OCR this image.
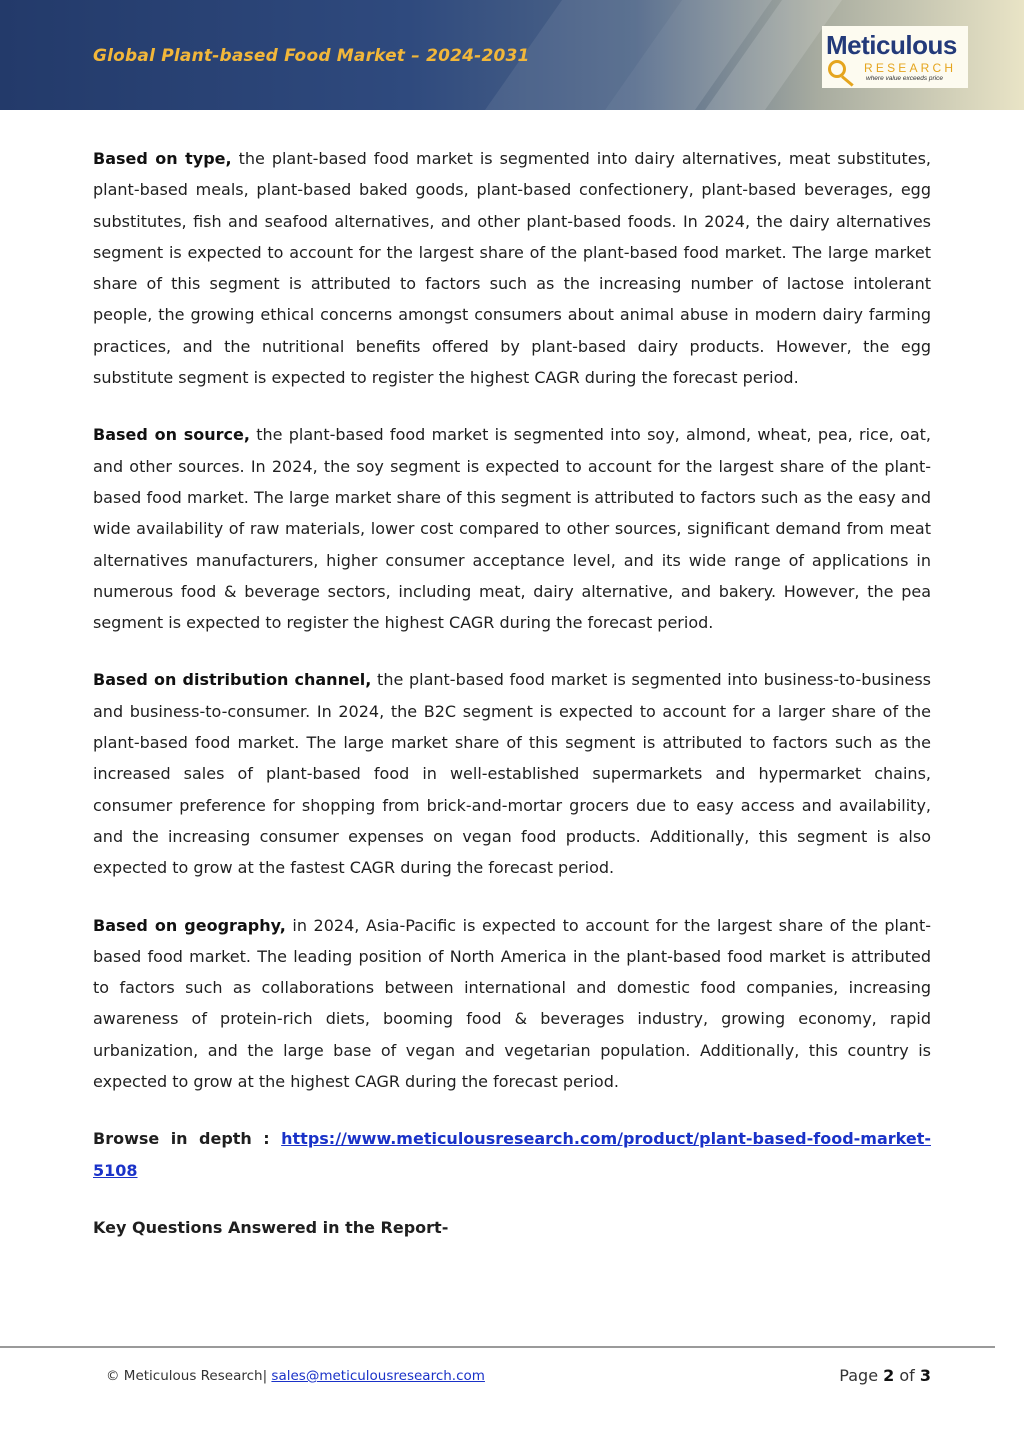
Global Plant-based Food Market – 2024-2031	Meticulous
RESEARCH
where value exceeds price

Based on type, the plant-based food market is segmented into dairy alternatives, meat substitutes, plant-based meals, plant-based baked goods, plant-based confectionery, plant-based beverages, egg substitutes, fish and seafood alternatives, and other plant-based foods. In 2024, the dairy alternatives segment is expected to account for the largest share of the plant-based food market. The large market share of this segment is attributed to factors such as the increasing number of lactose intolerant people, the growing ethical concerns amongst consumers about animal abuse in modern dairy farming practices, and the nutritional benefits offered by plant-based dairy products. However, the egg substitute segment is expected to register the highest CAGR during the forecast period.

Based on source, the plant-based food market is segmented into soy, almond, wheat, pea, rice, oat, and other sources. In 2024, the soy segment is expected to account for the largest share of the plant-based food market. The large market share of this segment is attributed to factors such as the easy and wide availability of raw materials, lower cost compared to other sources, significant demand from meat alternatives manufacturers, higher consumer acceptance level, and its wide range of applications in numerous food & beverage sectors, including meat, dairy alternative, and bakery. However, the pea segment is expected to register the highest CAGR during the forecast period.

Based on distribution channel, the plant-based food market is segmented into business-to-business and business-to-consumer. In 2024, the B2C segment is expected to account for a larger share of the plant-based food market. The large market share of this segment is attributed to factors such as the increased sales of plant-based food in well-established supermarkets and hypermarket chains, consumer preference for shopping from brick-and-mortar grocers due to easy access and availability, and the increasing consumer expenses on vegan food products. Additionally, this segment is also expected to grow at the fastest CAGR during the forecast period.

Based on geography, in 2024, Asia-Pacific is expected to account for the largest share of the plant-based food market. The leading position of North America in the plant-based food market is attributed to factors such as collaborations between international and domestic food companies, increasing awareness of protein-rich diets, booming food & beverages industry, growing economy, rapid urbanization, and the large base of vegan and vegetarian population. Additionally, this country is expected to grow at the highest CAGR during the forecast period.

Browse in depth : https://www.meticulousresearch.com/product/plant-based-food-market-5108

Key Questions Answered in the Report-

© Meticulous Research| sales@meticulousresearch.com	Page 2 of 3
